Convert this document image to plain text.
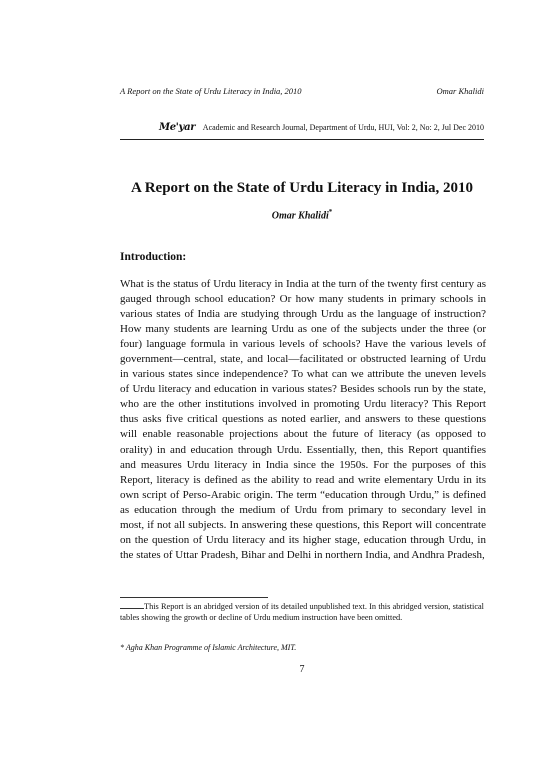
A Report on the State of Urdu Literacy in India, 2010	Omar Khalidi
Me'yar Academic and Research Journal, Department of Urdu, HUI, Vol: 2, No: 2, Jul Dec 2010
A Report on the State of Urdu Literacy in India, 2010
Omar Khalidi*
Introduction:

What is the status of Urdu literacy in India at the turn of the twenty first century as gauged through school education? Or how many students in primary schools in various states of India are studying through Urdu as the language of instruction? How many students are learning Urdu as one of the subjects under the three (or four) language formula in various levels of schools? Have the various levels of government—central, state, and local—facilitated or obstructed learning of Urdu in various states since independence? To what can we attribute the uneven levels of Urdu literacy and education in various states? Besides schools run by the state, who are the other institutions involved in promoting Urdu literacy? This Report thus asks five critical questions as noted earlier, and answers to these questions will enable reasonable projections about the future of literacy (as opposed to orality) in and education through Urdu. Essentially, then, this Report quantifies and measures Urdu literacy in India since the 1950s. For the purposes of this Report, literacy is defined as the ability to read and write elementary Urdu in its own script of Perso-Arabic origin. The term “education through Urdu,” is defined as education through the medium of Urdu from primary to secondary level in most, if not all subjects. In answering these questions, this Report will concentrate on the question of Urdu literacy and its higher stage, education through Urdu, in the states of Uttar Pradesh, Bihar and Delhi in northern India, and Andhra Pradesh,

This Report is an abridged version of its detailed unpublished text. In this abridged version, statistical tables showing the growth or decline of Urdu medium instruction have been omitted.

* Agha Khan Programme of Islamic Architecture, MIT.
7
